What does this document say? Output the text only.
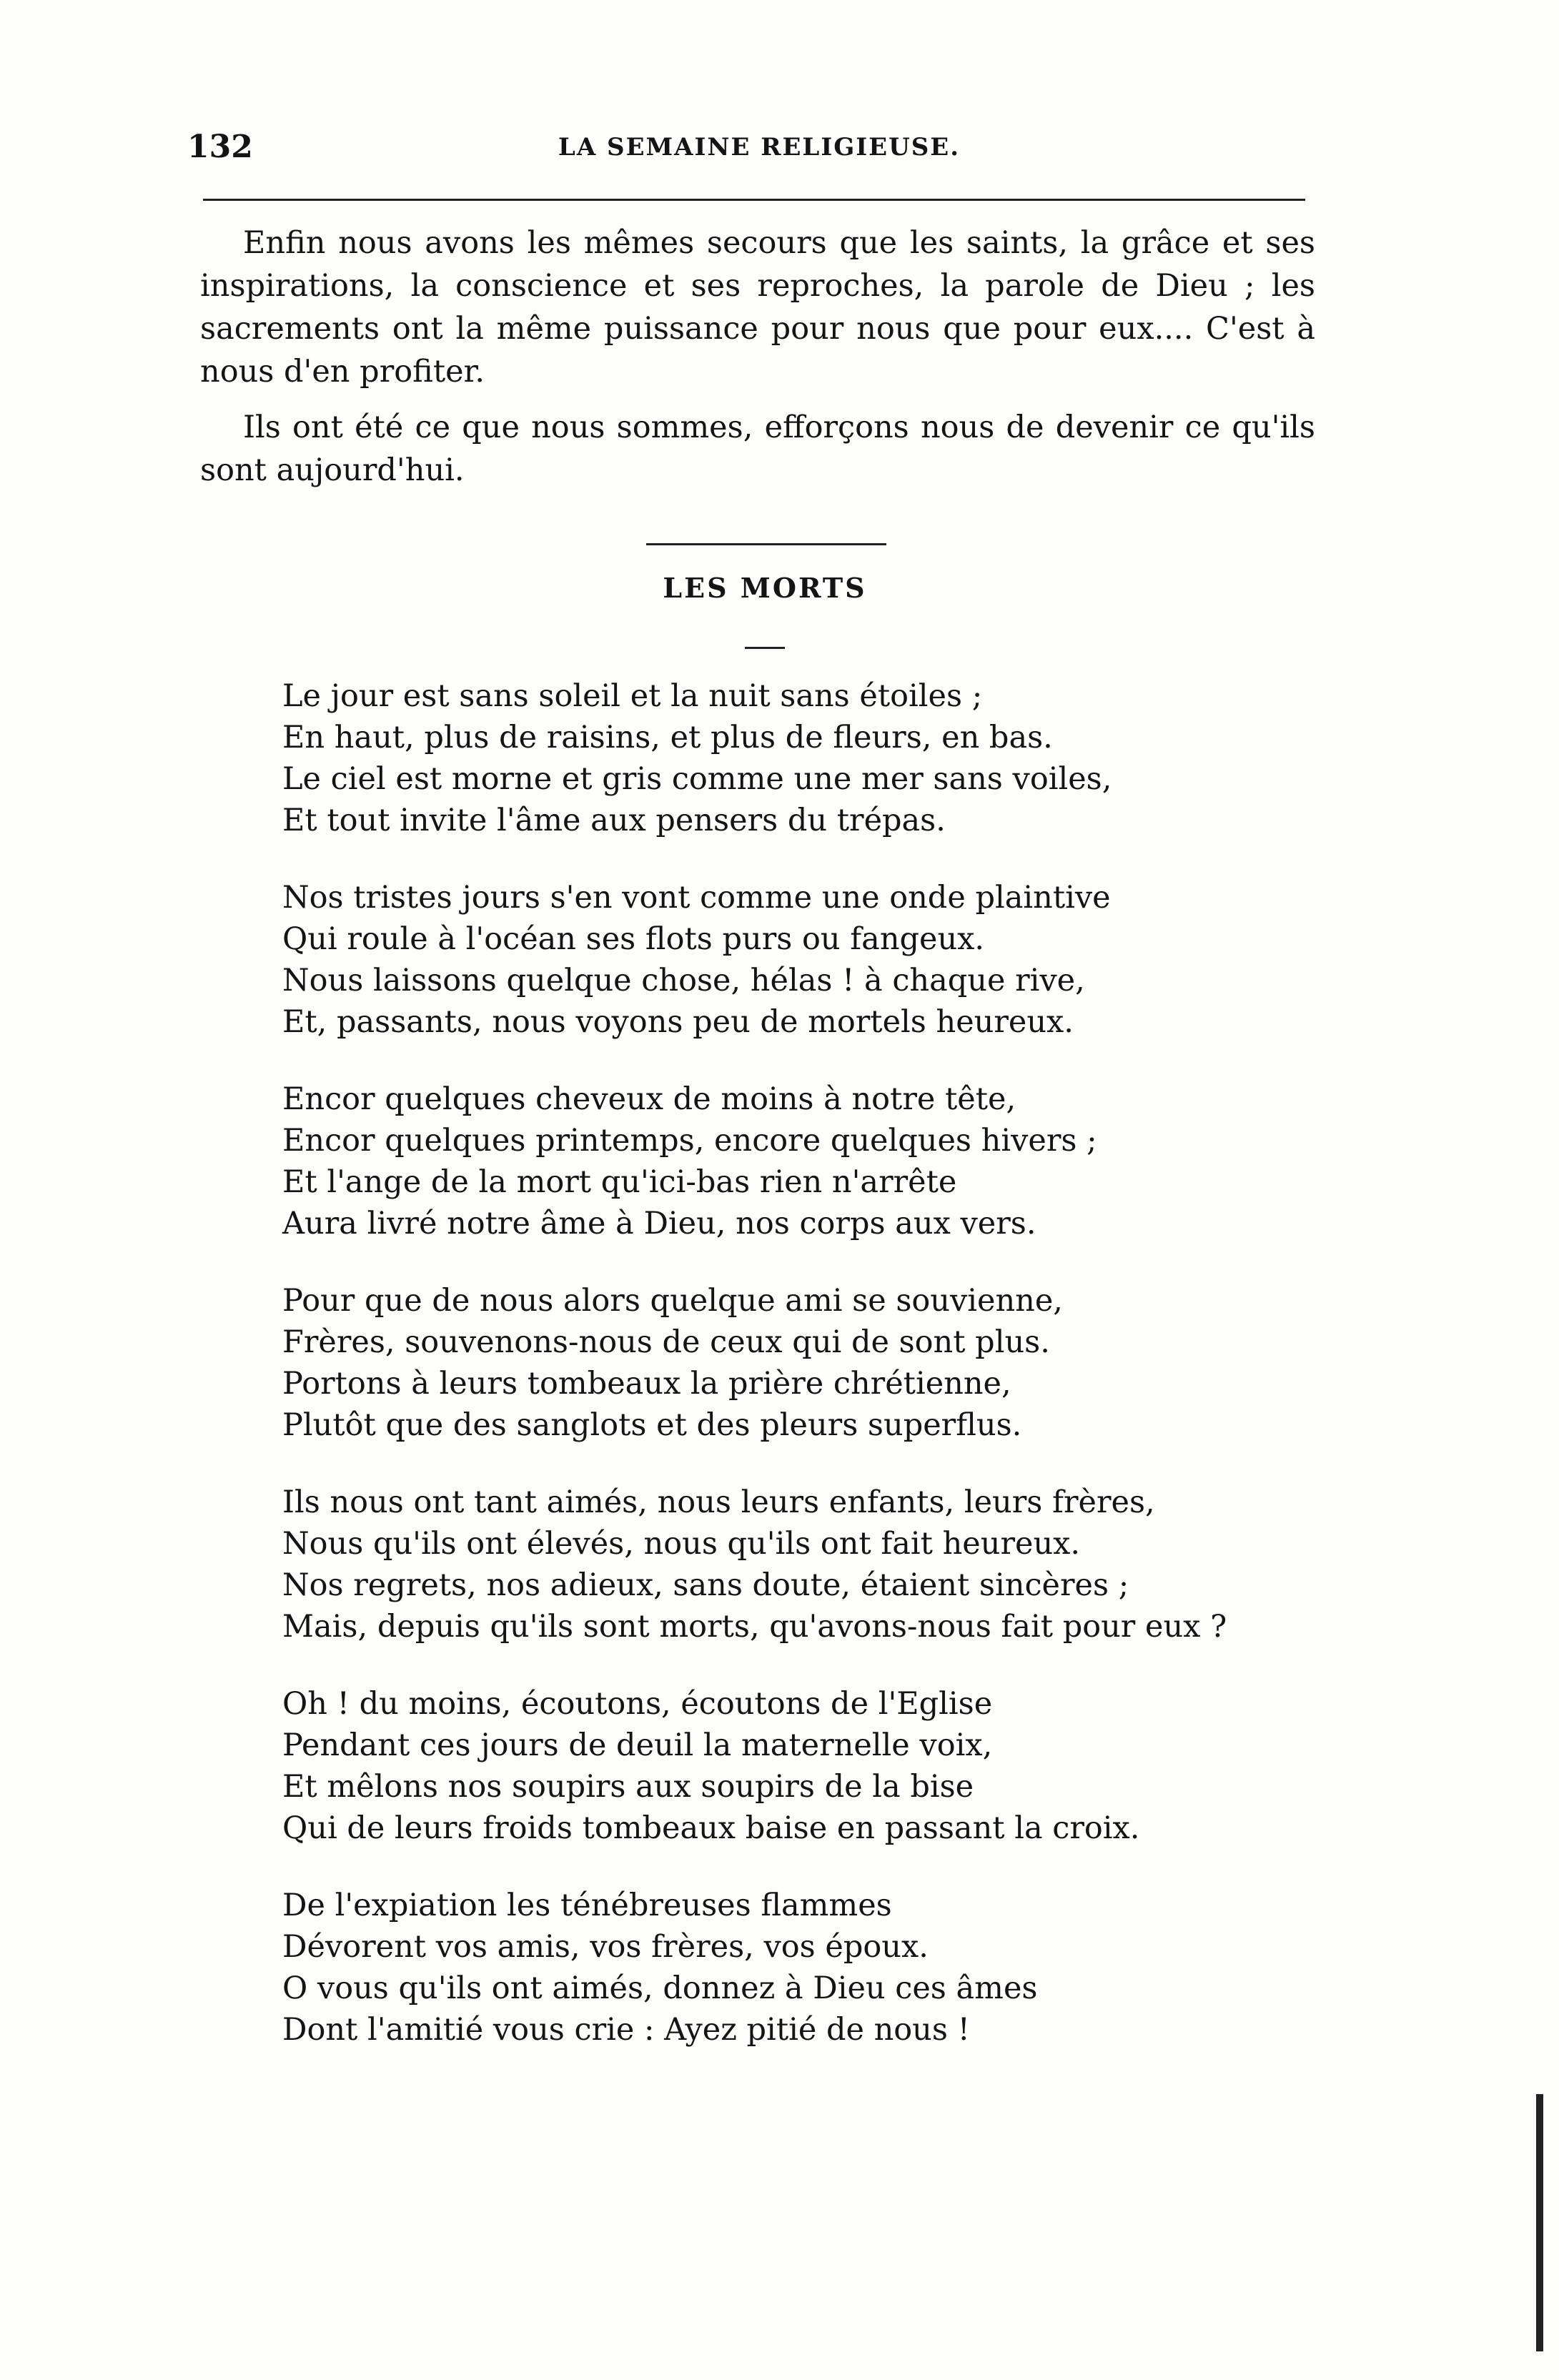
132	LA SEMAINE RELIGIEUSE.

Enfin nous avons les mêmes secours que les saints, la grâce et ses inspirations, la conscience et ses reproches, la parole de Dieu ; les sacrements ont la même puissance pour nous que pour eux.... C'est à nous d'en profiter.

Ils ont été ce que nous sommes, efforçons nous de devenir ce qu'ils sont aujourd'hui.

LES MORTS
Le jour est sans soleil et la nuit sans étoiles ;
En haut, plus de raisins, et plus de fleurs, en bas.
Le ciel est morne et gris comme une mer sans voiles,
Et tout invite l'âme aux pensers du trépas.
Nos tristes jours s'en vont comme une onde plaintive
Qui roule à l'océan ses flots purs ou fangeux.
Nous laissons quelque chose, hélas ! à chaque rive,
Et, passants, nous voyons peu de mortels heureux.
Encor quelques cheveux de moins à notre tête,
Encor quelques printemps, encore quelques hivers ;
Et l'ange de la mort qu'ici-bas rien n'arrête
Aura livré notre âme à Dieu, nos corps aux vers.
Pour que de nous alors quelque ami se souvienne,
Frères, souvenons-nous de ceux qui de sont plus.
Portons à leurs tombeaux la prière chrétienne,
Plutôt que des sanglots et des pleurs superflus.
Ils nous ont tant aimés, nous leurs enfants, leurs frères,
Nous qu'ils ont élevés, nous qu'ils ont fait heureux.
Nos regrets, nos adieux, sans doute, étaient sincères ;
Mais, depuis qu'ils sont morts, qu'avons-nous fait pour eux ?
Oh ! du moins, écoutons, écoutons de l'Eglise
Pendant ces jours de deuil la maternelle voix,
Et mêlons nos soupirs aux soupirs de la bise
Qui de leurs froids tombeaux baise en passant la croix.
De l'expiation les ténébreuses flammes
Dévorent vos amis, vos frères, vos époux.
O vous qu'ils ont aimés, donnez à Dieu ces âmes
Dont l'amitié vous crie : Ayez pitié de nous !
